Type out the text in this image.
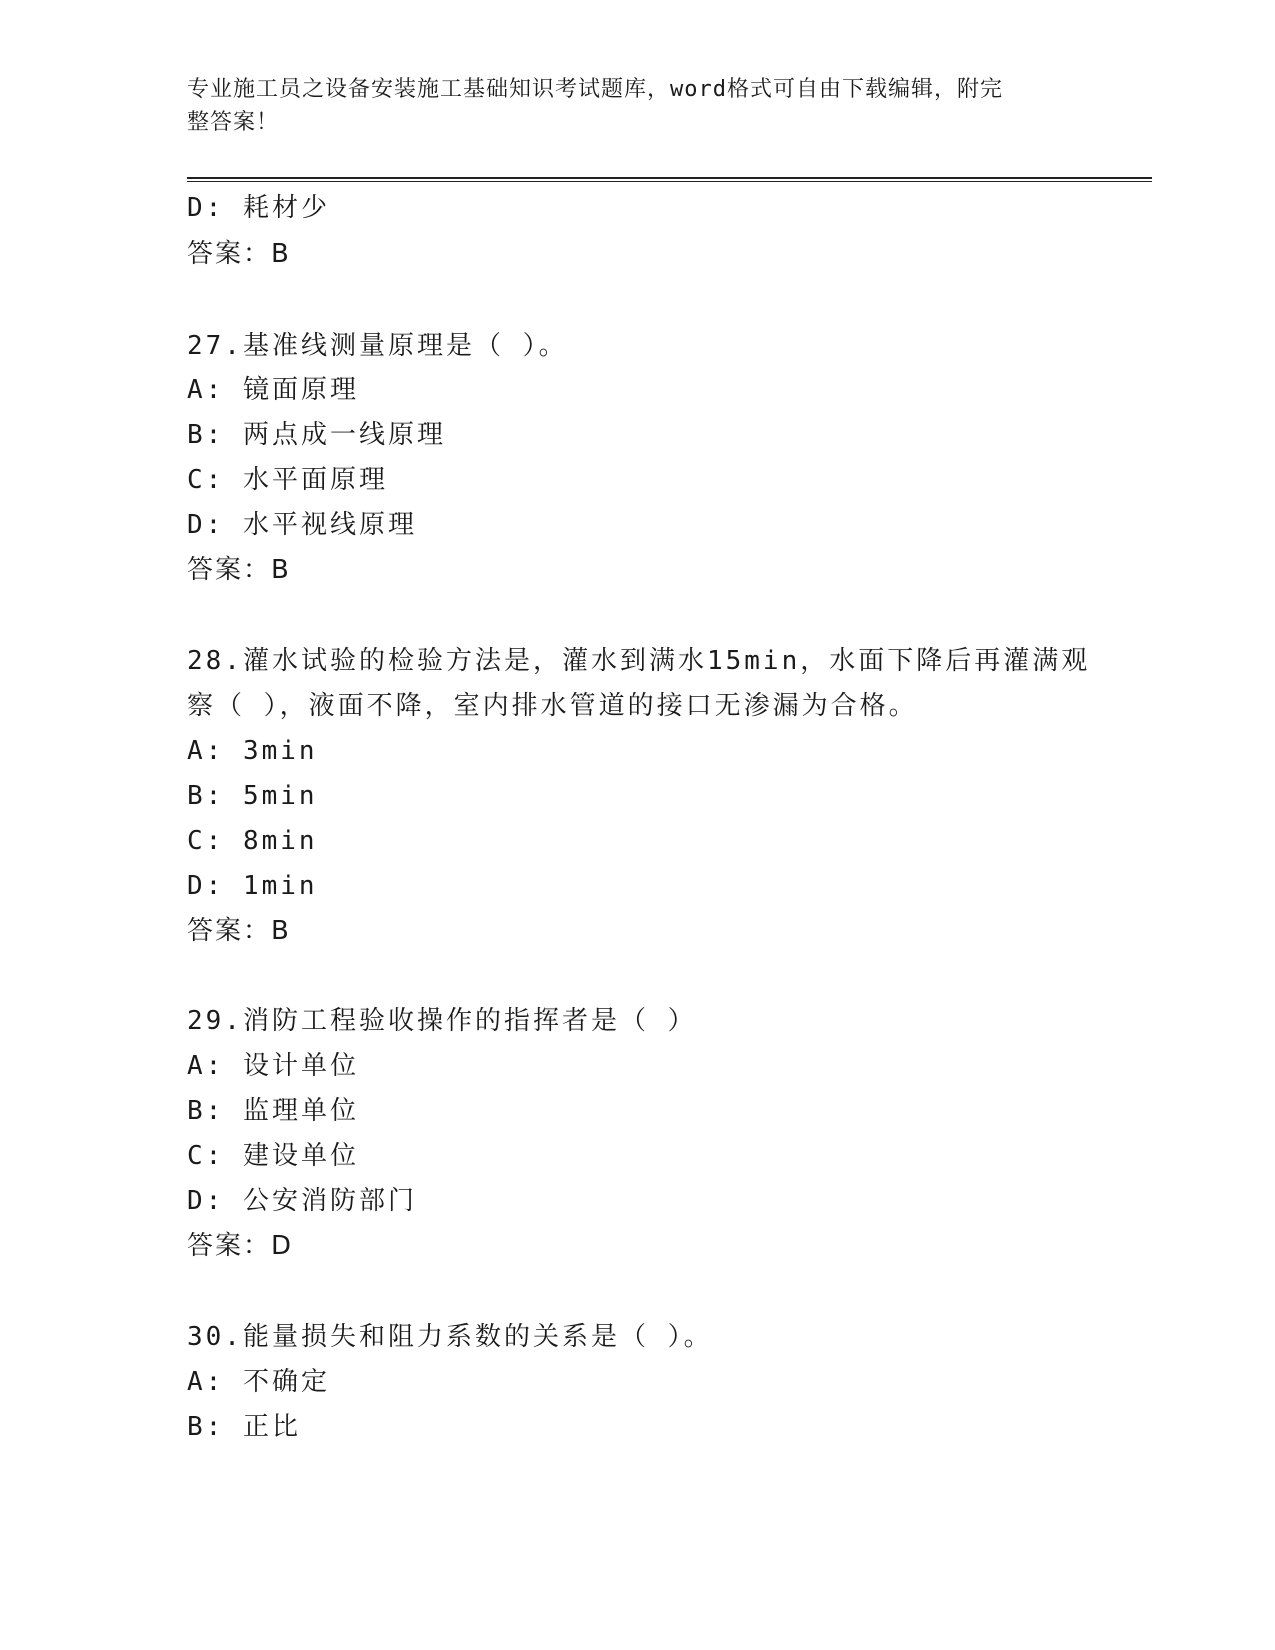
专业施工员之设备安装施工基础知识考试题库，word格式可自由下载编辑，附完
整答案！
D: 耗材少
答案：B
27.基准线测量原理是（ ）。
A: 镜面原理
B: 两点成一线原理
C: 水平面原理
D: 水平视线原理
答案：B
28.灌水试验的检验方法是，灌水到满水15min，水面下降后再灌满观
察（ ），液面不降，室内排水管道的接口无渗漏为合格。
A: 3min
B: 5min
C: 8min
D: 1min
答案：B
29.消防工程验收操作的指挥者是（ ）
A: 设计单位
B: 监理单位
C: 建设单位
D: 公安消防部门
答案：D
30.能量损失和阻力系数的关系是（ ）。
A: 不确定
B: 正比
